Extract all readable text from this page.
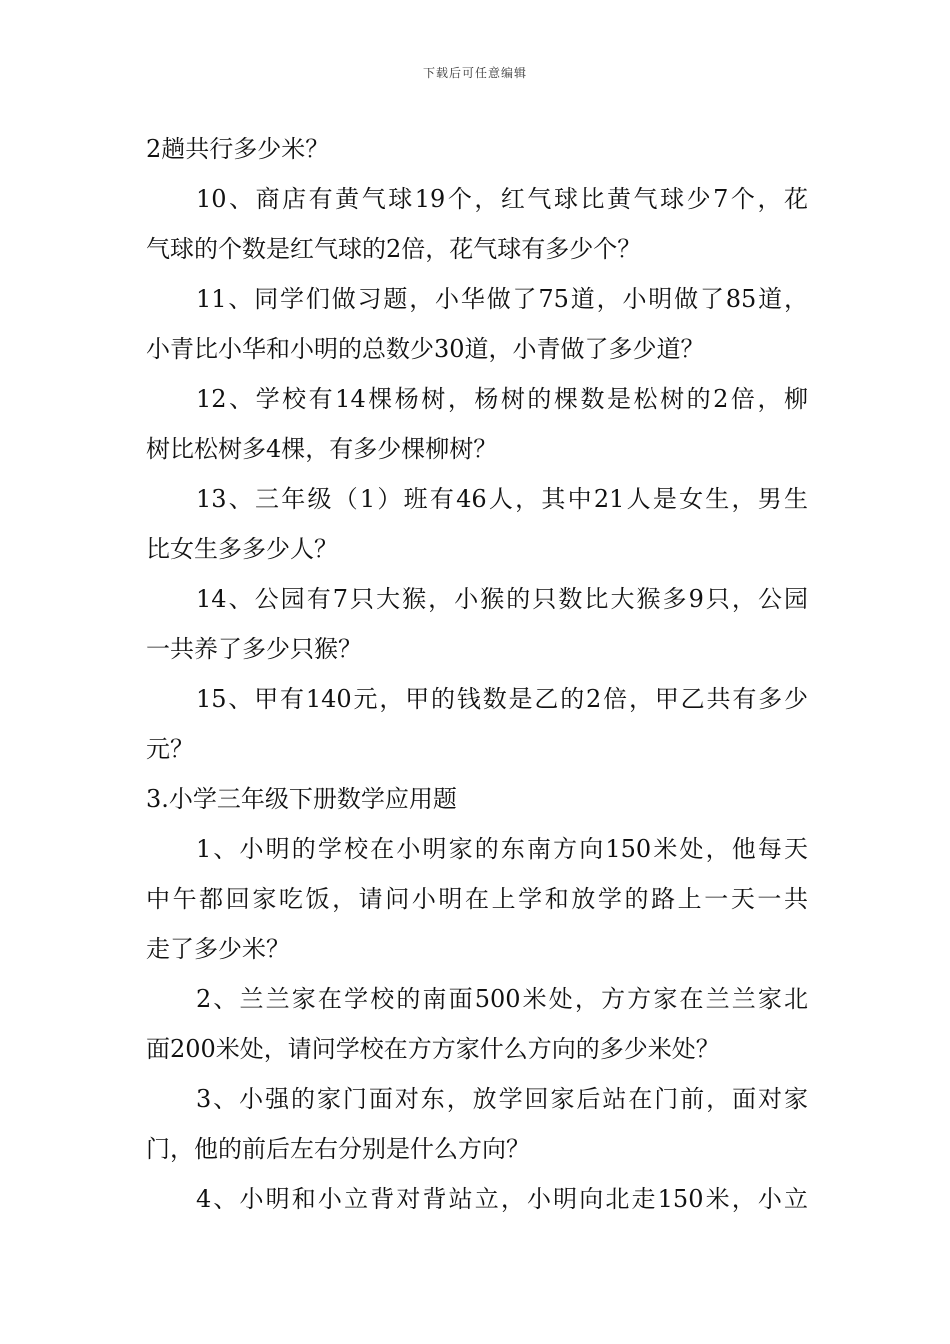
下载后可任意编辑
2趟共行多少米？
10、商店有黄气球19个，红气球比黄气球少7个，花
气球的个数是红气球的2倍，花气球有多少个？
11、同学们做习题，小华做了75道，小明做了85道，
小青比小华和小明的总数少30道，小青做了多少道？
12、学校有14棵杨树，杨树的棵数是松树的2倍，柳
树比松树多4棵，有多少棵柳树？
13、三年级（1）班有46人，其中21人是女生，男生
比女生多多少人？
14、公园有7只大猴，小猴的只数比大猴多9只，公园
一共养了多少只猴？
15、甲有140元，甲的钱数是乙的2倍，甲乙共有多少
元？
3.小学三年级下册数学应用题
1、小明的学校在小明家的东南方向150米处，他每天
中午都回家吃饭，请问小明在上学和放学的路上一天一共
走了多少米？
2、兰兰家在学校的南面500米处，方方家在兰兰家北
面200米处，请问学校在方方家什么方向的多少米处？
3、小强的家门面对东，放学回家后站在门前，面对家
门，他的前后左右分别是什么方向？
4、小明和小立背对背站立，小明向北走150米，小立
